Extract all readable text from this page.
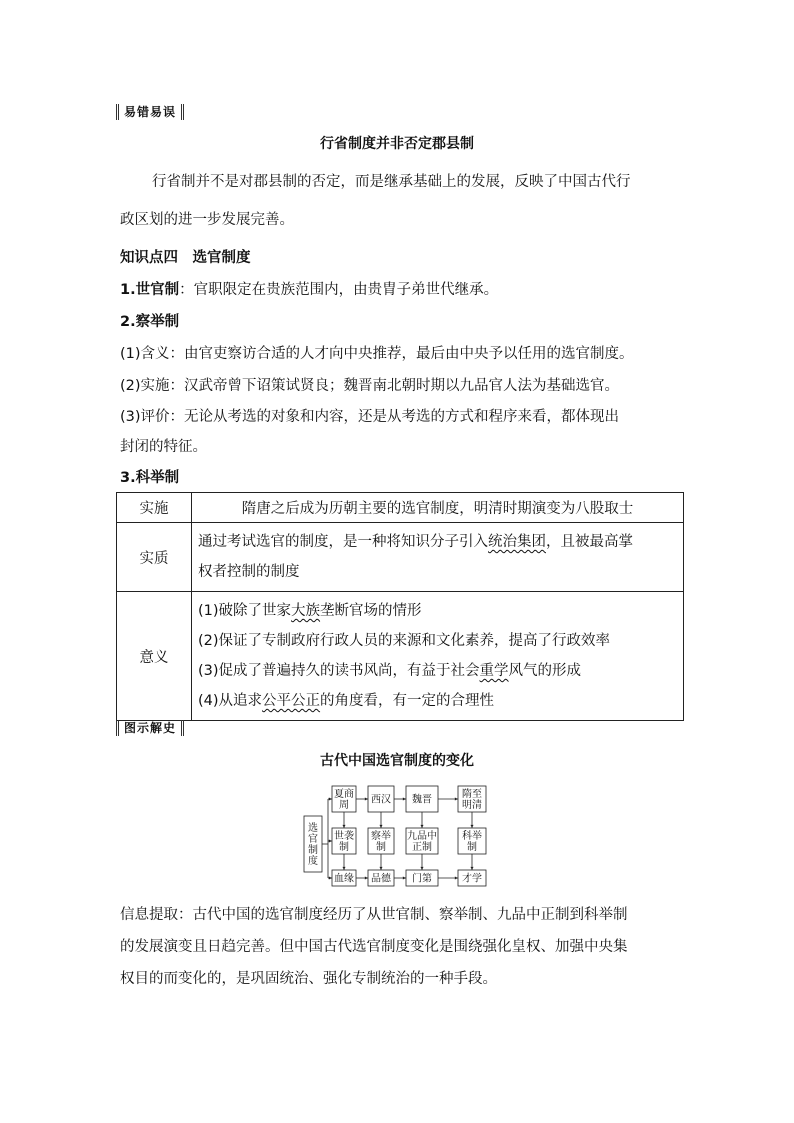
易错易误
行省制度并非否定郡县制
行省制并不是对郡县制的否定，而是继承基础上的发展，反映了中国古代行
政区划的进一步发展完善。
知识点四　选官制度
1.世官制：官职限定在贵族范围内，由贵胄子弟世代继承。
2.察举制
(1)含义：由官吏察访合适的人才向中央推荐，最后由中央予以任用的选官制度。
(2)实施：汉武帝曾下诏策试贤良；魏晋南北朝时期以九品官人法为基础选官。
(3)评价：无论从考选的对象和内容，还是从考选的方式和程序来看，都体现出
封闭的特征。
3.科举制
实施	隋唐之后成为历朝主要的选官制度，明清时期演变为八股取士
实质	通过考试选官的制度，是一种将知识分子引入统治集团，且被最高掌
权者控制的制度

意义	(1)破除了世家大族垄断官场的情形
(2)保证了专制政府行政人员的来源和文化素养，提高了行政效率
(3)促成了普遍持久的读书风尚，有益于社会重学风气的形成
(4)从追求公平公正的角度看，有一定的合理性
图示解史
古代中国选官制度的变化
选
官
制
度
夏商
周
世袭
制
血缘
西汉
察举
制
品德
魏晋
九品中
正制
门第
隋至
明清
科举
制
才学
信息提取：古代中国的选官制度经历了从世官制、察举制、九品中正制到科举制
的发展演变且日趋完善。但中国古代选官制度变化是围绕强化皇权、加强中央集
权目的而变化的，是巩固统治、强化专制统治的一种手段。
